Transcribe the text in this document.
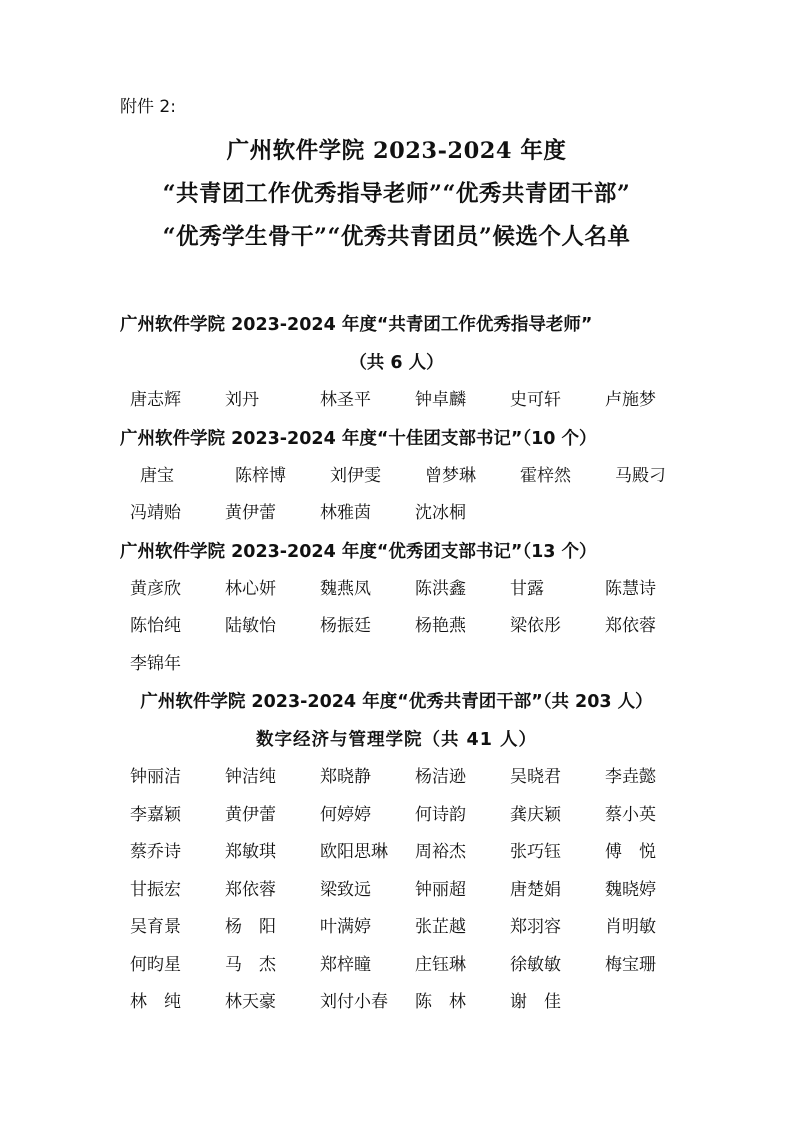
附件 2:

广州软件学院 2023-2024 年度

“共青团工作优秀指导老师”“优秀共青团干部”

“优秀学生骨干”“优秀共青团员”候选个人名单

广州软件学院 2023-2024 年度“共青团工作优秀指导老师”
（共 6 人）
唐志辉	刘丹	林圣平	钟卓麟	史可轩	卢施梦
广州软件学院 2023-2024 年度“十佳团支部书记”（10 个）
唐宝	陈梓博	刘伊雯	曾梦琳	霍梓然	马殿刁
冯靖贻	黄伊蕾	林雅茵	沈冰桐
广州软件学院 2023-2024 年度“优秀团支部书记”（13 个）
黄彦欣	林心妍	魏燕凤	陈洪鑫	甘露	陈慧诗
陈怡纯	陆敏怡	杨振廷	杨艳燕	梁依彤	郑依蓉
李锦年
广州软件学院 2023-2024 年度“优秀共青团干部”（共 203 人）
数字经济与管理学院（共 41 人）
钟丽洁	钟洁纯	郑晓静	杨洁逊	吴晓君	李垚懿
李嘉颖	黄伊蕾	何婷婷	何诗韵	龚庆颖	蔡小英
蔡乔诗	郑敏琪	欧阳思琳	周裕杰	张巧钰	傅　悦
甘振宏	郑依蓉	梁致远	钟丽超	唐楚娟	魏晓婷
吴育景	杨　阳	叶满婷	张芷越	郑羽容	肖明敏
何昀星	马　杰	郑梓瞳	庄钰琳	徐敏敏	梅宝珊
林　纯	林天豪	刘付小春	陈　林	谢　佳
